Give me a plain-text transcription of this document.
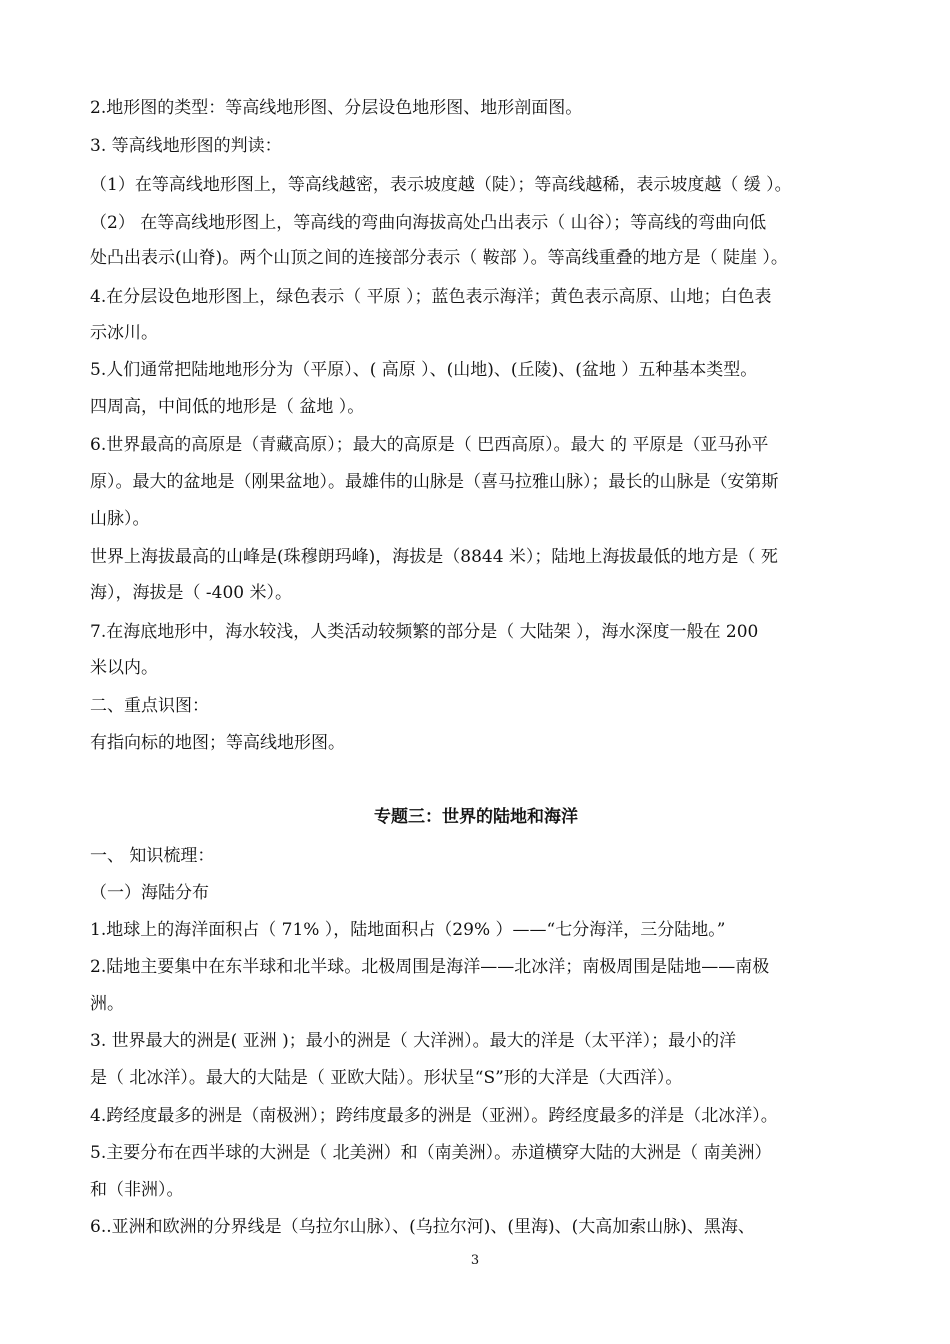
2.地形图的类型：等高线地形图、分层设色地形图、地形剖面图。
3. 等高线地形图的判读：
（1）在等高线地形图上，等高线越密，表示坡度越（陡）；等高线越稀，表示坡度越（ 缓 ）。
（2） 在等高线地形图上，等高线的弯曲向海拔高处凸出表示（ 山谷）；等高线的弯曲向低
处凸出表示(山脊)。两个山顶之间的连接部分表示（ 鞍部 ）。等高线重叠的地方是（ 陡崖 ）。
4.在分层设色地形图上，绿色表示（ 平原 ）；蓝色表示海洋；黄色表示高原、山地；白色表
示冰川。
5.人们通常把陆地地形分为（平原）、( 高原 ）、(山地)、(丘陵)、(盆地 ）五种基本类型。
四周高，中间低的地形是（ 盆地 ）。
6.世界最高的高原是（青藏高原）；最大的高原是（ 巴西高原）。最大 的 平原是（亚马孙平
原）。最大的盆地是（刚果盆地）。最雄伟的山脉是（喜马拉雅山脉）；最长的山脉是（安第斯
山脉）。
世界上海拔最高的山峰是(珠穆朗玛峰)，海拔是（8844 米）；陆地上海拔最低的地方是（ 死
海），海拔是（ -400 米）。
7.在海底地形中，海水较浅，人类活动较频繁的部分是（ 大陆架 ），海水深度一般在 200
米以内。
二、重点识图：
有指向标的地图；等高线地形图。
专题三：世界的陆地和海洋
一、 知识梳理：
（一）海陆分布
1.地球上的海洋面积占（ 71% ），陆地面积占（29% ）——“七分海洋，三分陆地。”
2.陆地主要集中在东半球和北半球。北极周围是海洋——北冰洋；南极周围是陆地——南极
洲。
3. 世界最大的洲是( 亚洲 )；最小的洲是（ 大洋洲）。最大的洋是（太平洋）；最小的洋
是（ 北冰洋）。最大的大陆是（ 亚欧大陆）。形状呈“S”形的大洋是（大西洋）。
4.跨经度最多的洲是（南极洲）；跨纬度最多的洲是（亚洲）。跨经度最多的洋是（北冰洋）。
5.主要分布在西半球的大洲是（ 北美洲）和（南美洲）。赤道横穿大陆的大洲是（ 南美洲）
和（非洲）。
6..亚洲和欧洲的分界线是（乌拉尔山脉）、(乌拉尔河)、(里海)、(大高加索山脉)、黑海、
3
